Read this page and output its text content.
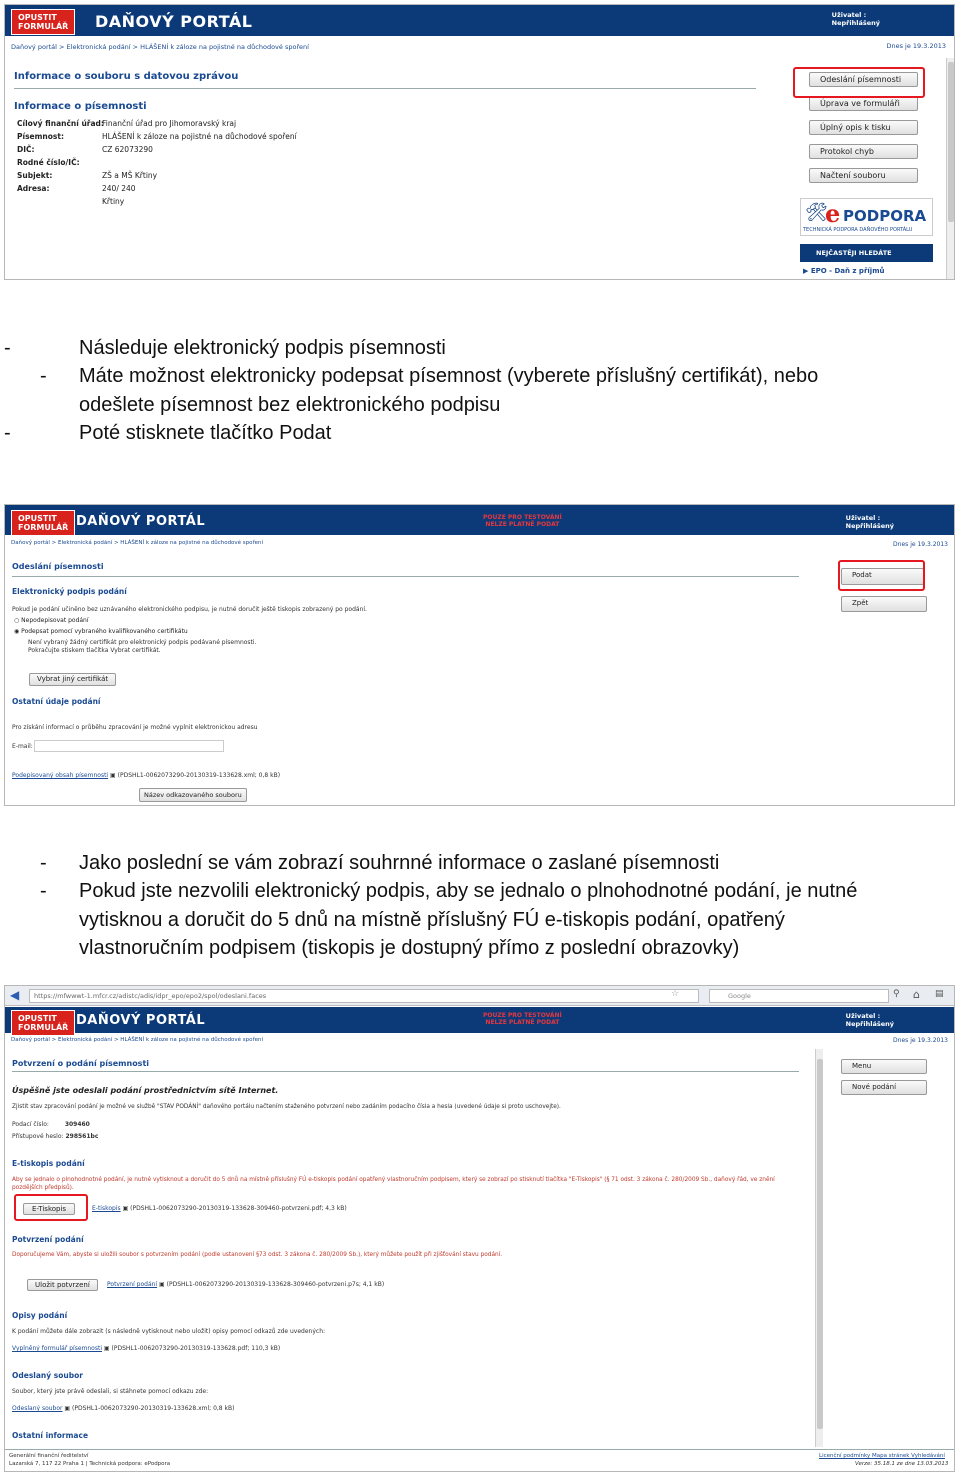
OPUSTIT
FORMULÁŘ DAŇOVÝ PORTÁL	Uživatel :
Nepřihlášený
Daňový portál > Elektronická podání > HLÁŠENÍ k záloze na pojistné na důchodové spoření	Dnes je 19.3.2013
Informace o souboru s datovou zprávou
Informace o písemnosti
Cílový finanční úřad:
Finanční úřad pro Jihomoravský kraj
Písemnost:	HLÁŠENÍ k záloze na pojistné na důchodové spoření
DIČ:	CZ 62073290
Rodné číslo/IČ:
Subjekt:	ZŠ a MŠ Křtiny
Adresa:	240/ 240
Křtiny
Odeslání písemnosti
Úprava ve formuláři
Úplný opis k tisku
Protokol chyb
Načtení souboru
🛠
e PODPORA
TECHNICKÁ PODPORA DAŇOVÉHO PORTÁLU
NEJČASTĚJI HLEDÁTE
▶ EPO - Daň z příjmů
-	Následuje elektronický podpis písemnosti
- Máte možnost elektronicky podepsat písemnost (vyberete příslušný certifikát), nebo
odešlete písemnost bez elektronického podpisu
-	Poté stisknete tlačítko Podat
OPUSTIT
FORMULÁŘ DAŇOVÝ PORTÁL	POUZE PRO TESTOVÁNÍ
NELZE PLATNĚ PODAT
Uživatel :
Nepřihlášený
Daňový portál > Elektronická podání > HLÁŠENÍ k záloze na pojistné na důchodové spoření	Dnes je 19.3.2013
Odeslání písemnosti
Elektronický podpis podání
Pokud je podání učiněno bez uznávaného elektronického podpisu, je nutné doručit ještě tiskopis zobrazený po podání.
○ Nepodepisovat podání
◉ Podepsat pomocí vybraného kvalifikovaného certifikátu
Není vybraný žádný certifikát pro elektronický podpis podávané písemnosti.
Pokračujte stiskem tlačítka Vybrat certifikát.
Vybrat jiný certifikát
Ostatní údaje podání
Pro získání informací o průběhu zpracování je možné vyplnit elektronickou adresu
E-mail:
Podepisovaný obsah písemnosti ▣ (PDSHL1-0062073290-20130319-133628.xml; 0,8 kB)
Název odkazovaného souboru
Podat
Zpět
- Jako poslední se vám zobrazí souhrnné informace o zaslané písemnosti
- Pokud jste nezvolili elektronický podpis, aby se jednalo o plnohodnotné podání, je nutné
vytisknou a doručit do 5 dnů na místně příslušný FÚ e-tiskopis podání, opatřený
vlastnoručním podpisem (tiskopis je dostupný přímo z poslední obrazovky)
◀	https://mfwwwt-1.mfcr.cz/adistc/adis/idpr_epo/epo2/spol/odeslani.faces	☆	Google	⚲ ⌂ ▤
OPUSTIT
FORMULÁŘ DAŇOVÝ PORTÁL	POUZE PRO TESTOVÁNÍ
NELZE PLATNĚ PODAT
Uživatel :
Nepřihlášený
Daňový portál > Elektronická podání > HLÁŠENÍ k záloze na pojistné na důchodové spoření	Dnes je 19.3.2013
Potvrzení o podání písemnosti
Úspěšně jste odeslali podání prostřednictvím sítě Internet.
Zjistit stav zpracování podání je možné ve službě "STAV PODÁNÍ" daňového portálu načtením staženého potvrzení nebo zadáním podacího čísla a hesla (uvedené údaje si proto uschovejte).
Podací číslo:	309460
Přístupové heslo: 298561bc
E-tiskopis podání
Aby se jednalo o plnohodnotné podání, je nutné vytisknout a doručit do 5 dnů na místně příslušný FÚ e-tiskopis podání opatřený vlastnoručním podpisem, který se zobrazí po stisknutí tlačítka "E-Tiskopis" (§ 71 odst. 3 zákona č. 280/2009 Sb., daňový řád, ve znění pozdějších předpisů).
E-Tiskopis	E-tiskopis ▣ (PDSHL1-0062073290-20130319-133628-309460-potvrzeni.pdf; 4,3 kB)
Potvrzení podání
Doporučujeme Vám, abyste si uložili soubor s potvrzením podání (podle ustanovení §73 odst. 3 zákona č. 280/2009 Sb.), který můžete použít při zjišťování stavu podání.
Uložit potvrzení	Potvrzení podání ▣ (PDSHL1-0062073290-20130319-133628-309460-potvrzeni.p7s; 4,1 kB)
Opisy podání
K podání můžete dále zobrazit (s následně vytisknout nebo uložit) opisy pomocí odkazů zde uvedených:
Vyplněný formulář písemnosti ▣ (PDSHL1-0062073290-20130319-133628.pdf; 110,3 kB)
Odeslaný soubor
Soubor, který jste právě odeslali, si stáhnete pomocí odkazu zde:
Odeslaný soubor ▣ (PDSHL1-0062073290-20130319-133628.xml; 0,8 kB)
Ostatní informace
Menu
Nové podání
Generální finanční ředitelství
Lazarská 7, 117 22 Praha 1 | Technická podpora: ePodpora
Licenční podmínky Mapa stránek Vyhledávání
Verze: 35.18.1 ze dne 13.03.2013
